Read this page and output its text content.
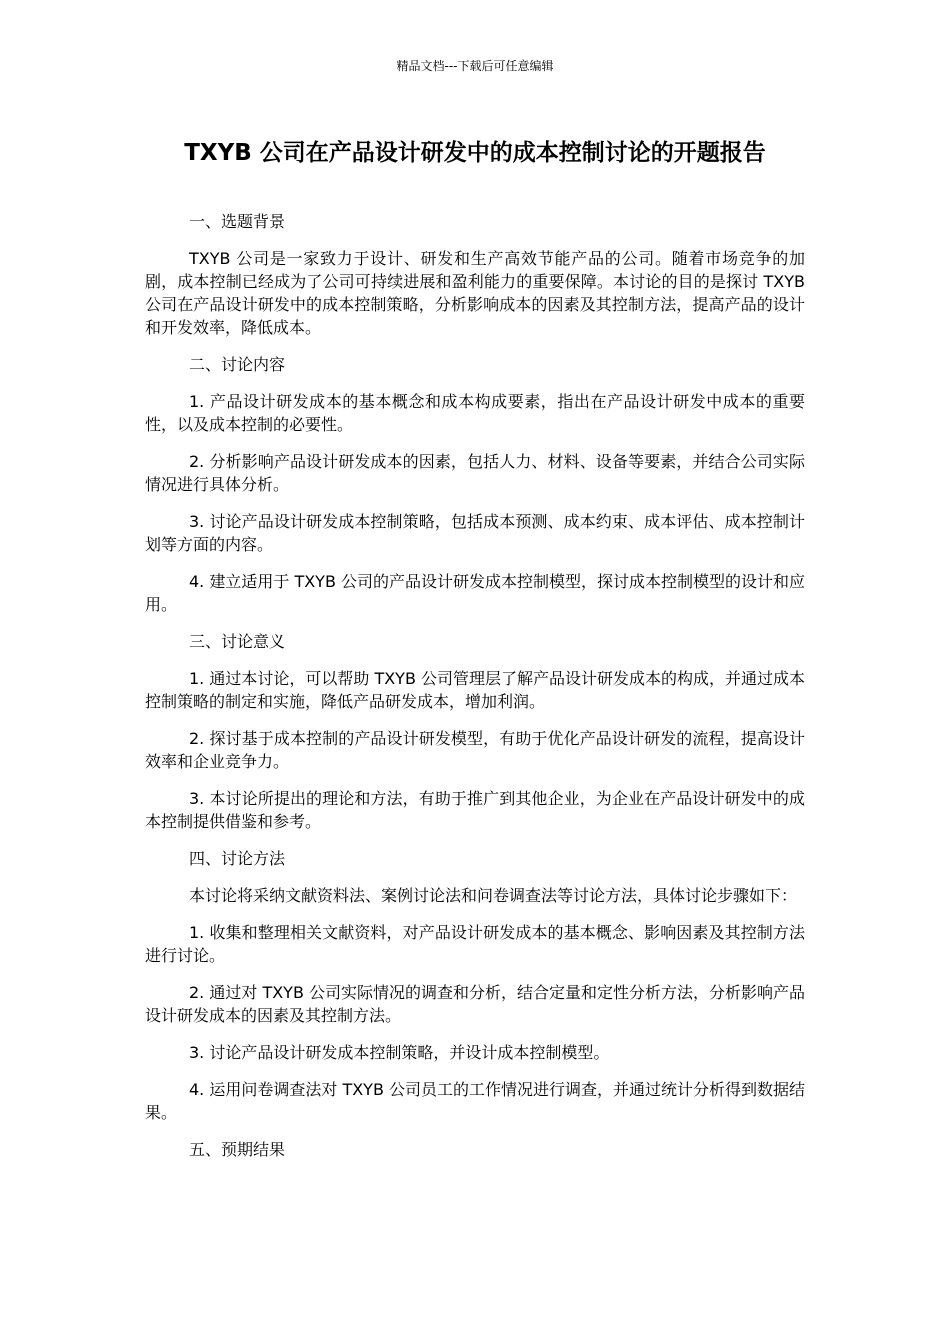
精品文档---下载后可任意编辑
TXYB 公司在产品设计研发中的成本控制讨论的开题报告

一、选题背景

TXYB 公司是一家致力于设计、研发和生产高效节能产品的公司。随着市场竞争的加剧，成本控制已经成为了公司可持续进展和盈利能力的重要保障。本讨论的目的是探讨 TXYB 公司在产品设计研发中的成本控制策略，分析影响成本的因素及其控制方法，提高产品的设计和开发效率，降低成本。

二、讨论内容

1. 产品设计研发成本的基本概念和成本构成要素，指出在产品设计研发中成本的重要性，以及成本控制的必要性。

2. 分析影响产品设计研发成本的因素，包括人力、材料、设备等要素，并结合公司实际情况进行具体分析。

3. 讨论产品设计研发成本控制策略，包括成本预测、成本约束、成本评估、成本控制计划等方面的内容。

4. 建立适用于 TXYB 公司的产品设计研发成本控制模型，探讨成本控制模型的设计和应用。

三、讨论意义

1. 通过本讨论，可以帮助 TXYB 公司管理层了解产品设计研发成本的构成，并通过成本控制策略的制定和实施，降低产品研发成本，增加利润。

2. 探讨基于成本控制的产品设计研发模型，有助于优化产品设计研发的流程，提高设计效率和企业竞争力。

3. 本讨论所提出的理论和方法，有助于推广到其他企业，为企业在产品设计研发中的成本控制提供借鉴和参考。

四、讨论方法

本讨论将采纳文献资料法、案例讨论法和问卷调查法等讨论方法，具体讨论步骤如下：

1. 收集和整理相关文献资料，对产品设计研发成本的基本概念、影响因素及其控制方法进行讨论。

2. 通过对 TXYB 公司实际情况的调查和分析，结合定量和定性分析方法，分析影响产品设计研发成本的因素及其控制方法。

3. 讨论产品设计研发成本控制策略，并设计成本控制模型。

4. 运用问卷调查法对 TXYB 公司员工的工作情况进行调查，并通过统计分析得到数据结果。

五、预期结果
